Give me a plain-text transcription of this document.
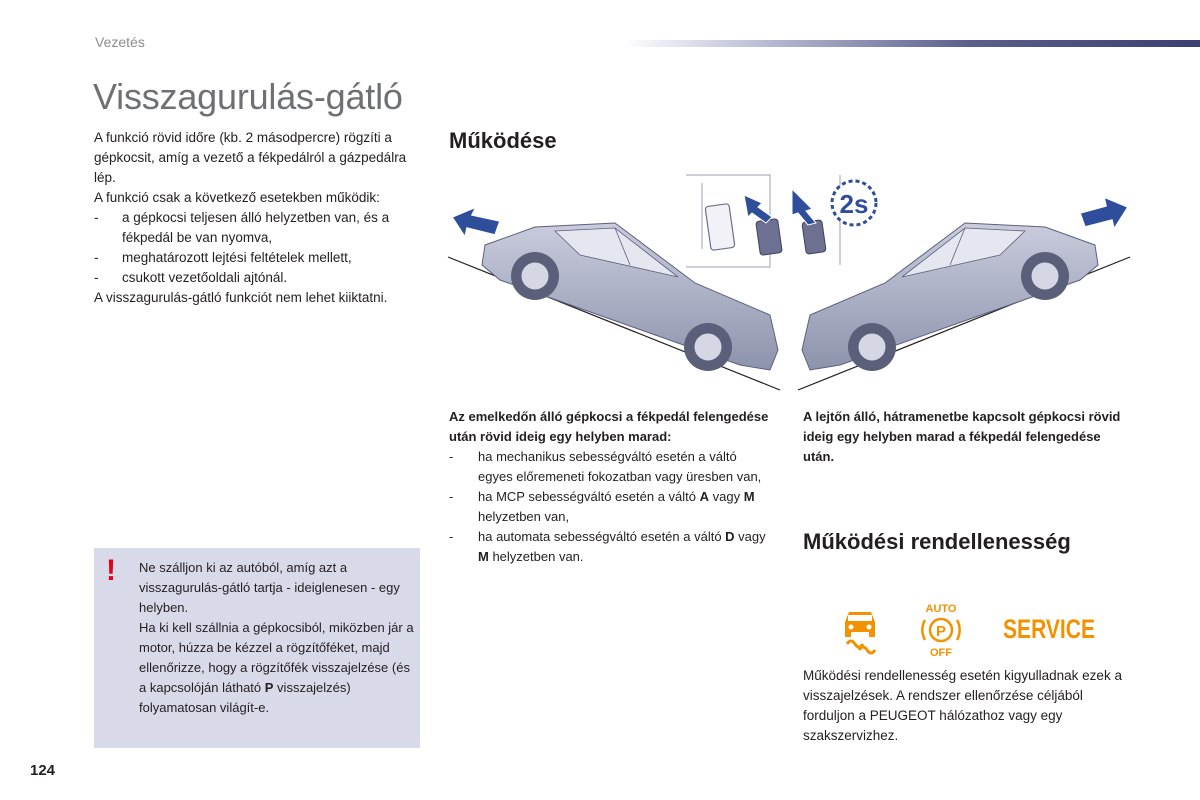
Vezetés
Visszagurulás-gátló

A funkció rövid időre (kb. 2 másodpercre) rögzíti a gépkocsit, amíg a vezető a fékpedálról a gázpedálra lép.

A funkció csak a következő esetekben működik:

- a gépkocsi teljesen álló helyzetben van, és a fékpedál be van nyomva,
- meghatározott lejtési feltételek mellett,
- csukott vezetőoldali ajtónál.

A visszagurulás-gátló funkciót nem lehet kiiktatni.

Működése
2s

Az emelkedőn álló gépkocsi a fékpedál felengedése után rövid ideig egy helyben marad:

- ha mechanikus sebességváltó esetén a váltó egyes előremeneti fokozatban vagy üresben van,
- ha MCP sebességváltó esetén a váltó A vagy M helyzetben van,
- ha automata sebességváltó esetén a váltó D vagy M helyzetben van.
A lejtőn álló, hátramenetbe kapcsolt gépkocsi rövid ideig egy helyben marad a fékpedál felengedése után.
! Ne szálljon ki az autóból, amíg azt a visszagurulás-gátló tartja - ideiglenesen - egy helyben.

Ha ki kell szállnia a gépkocsiból, miközben jár a motor, húzza be kézzel a rögzítőféket, majd ellenőrizze, hogy a rögzítőfék visszajelzése (és a kapcsolóján látható P visszajelzés) folyamatosan világít-e.

Működési rendellenesség
AUTO
P
OFF
SERVICE

Működési rendellenesség esetén kigyulladnak ezek a visszajelzések. A rendszer ellenőrzése céljából forduljon a PEUGEOT hálózathoz vagy egy szakszervizhez.

124
